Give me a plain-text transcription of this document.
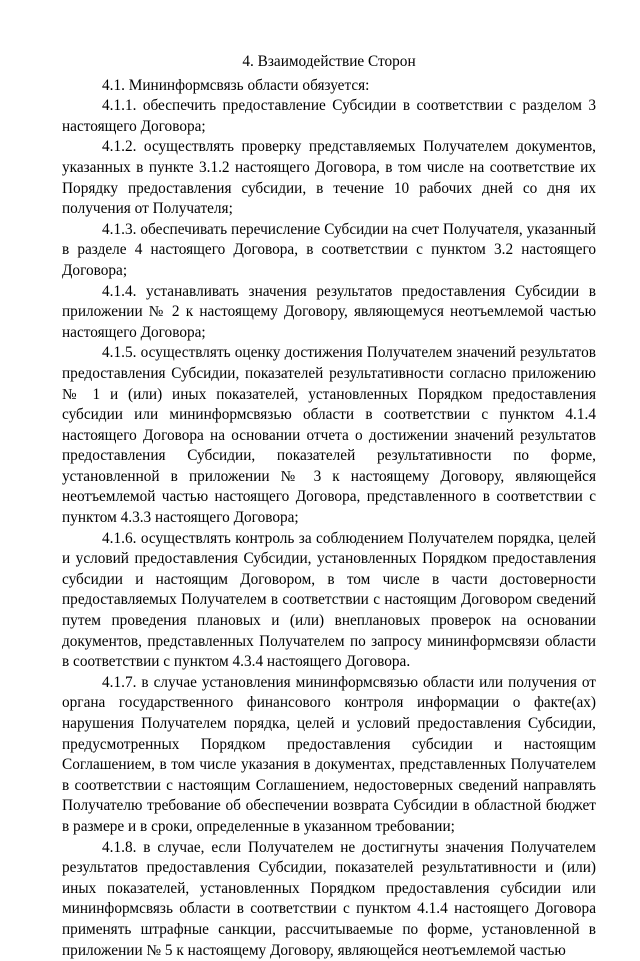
4. Взаимодействие Сторон

4.1. Мининформсвязь области обязуется:

4.1.1. обеспечить предоставление Субсидии в соответствии с разделом 3 настоящего Договора;

4.1.2. осуществлять проверку представляемых Получателем документов, указанных в пункте 3.1.2 настоящего Договора, в том числе на соответствие их Порядку предоставления субсидии, в течение 10 рабочих дней со дня их получения от Получателя;

4.1.3. обеспечивать перечисление Субсидии на счет Получателя, указанный в разделе 4 настоящего Договора, в соответствии с пунктом 3.2 настоящего Договора;

4.1.4. устанавливать значения результатов предоставления Субсидии в приложении № 2 к настоящему Договору, являющемуся неотъемлемой частью настоящего Договора;

4.1.5. осуществлять оценку достижения Получателем значений результатов предоставления Субсидии, показателей результативности согласно приложению № 1 и (или) иных показателей, установленных Порядком предоставления субсидии или мининформсвязью области в соответствии с пунктом 4.1.4 настоящего Договора на основании отчета о достижении значений результатов предоставления Субсидии, показателей результативности по форме, установленной в приложении № 3 к настоящему Договору, являющейся неотъемлемой частью настоящего Договора, представленного в соответствии с пунктом 4.3.3 настоящего Договора;

4.1.6. осуществлять контроль за соблюдением Получателем порядка, целей и условий предоставления Субсидии, установленных Порядком предоставления субсидии и настоящим Договором, в том числе в части достоверности предоставляемых Получателем в соответствии с настоящим Договором сведений путем проведения плановых и (или) внеплановых проверок на основании документов, представленных Получателем по запросу мининформсвязи области в соответствии с пунктом 4.3.4 настоящего Договора.

4.1.7. в случае установления мининформсвязью области или получения от органа государственного финансового контроля информации о факте(ах) нарушения Получателем порядка, целей и условий предоставления Субсидии, предусмотренных Порядком предоставления субсидии и настоящим Соглашением, в том числе указания в документах, представленных Получателем в соответствии с настоящим Соглашением, недостоверных сведений направлять Получателю требование об обеспечении возврата Субсидии в областной бюджет в размере и в сроки, определенные в указанном требовании;

4.1.8. в случае, если Получателем не достигнуты значения Получателем результатов предоставления Субсидии, показателей результативности и (или) иных показателей, установленных Порядком предоставления субсидии или мининформсвязь области в соответствии с пунктом 4.1.4 настоящего Договора применять штрафные санкции, рассчитываемые по форме, установленной в приложении № 5 к настоящему Договору, являющейся неотъемлемой частью
